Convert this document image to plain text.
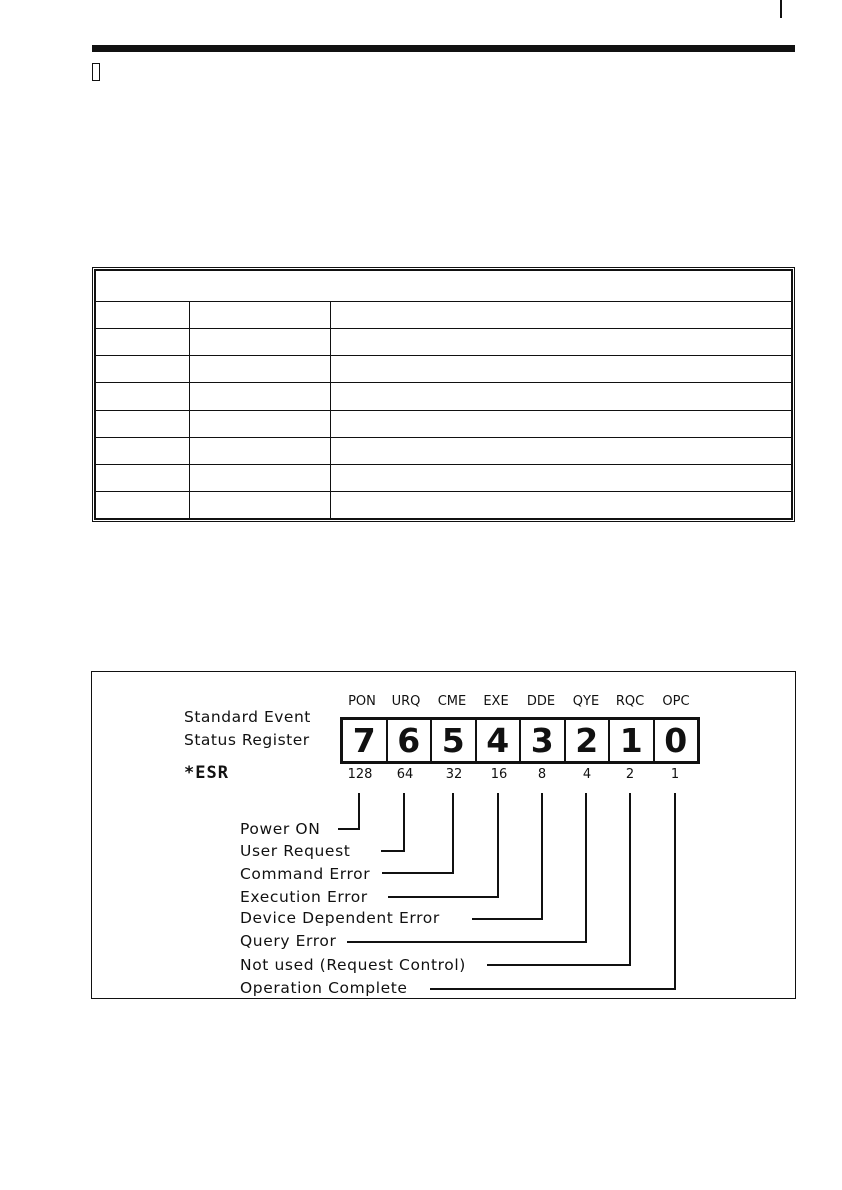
Standard Event
Status Register
*ESR
PON	URQ	CME	EXE	DDE	QYE	RQC	OPC
7 6 5 4 3 2 1 0
128	64	32	16	8	4	2	1
Power ON
User Request
Command Error
Execution Error
Device Dependent Error
Query Error
Not used (Request Control)
Operation Complete
